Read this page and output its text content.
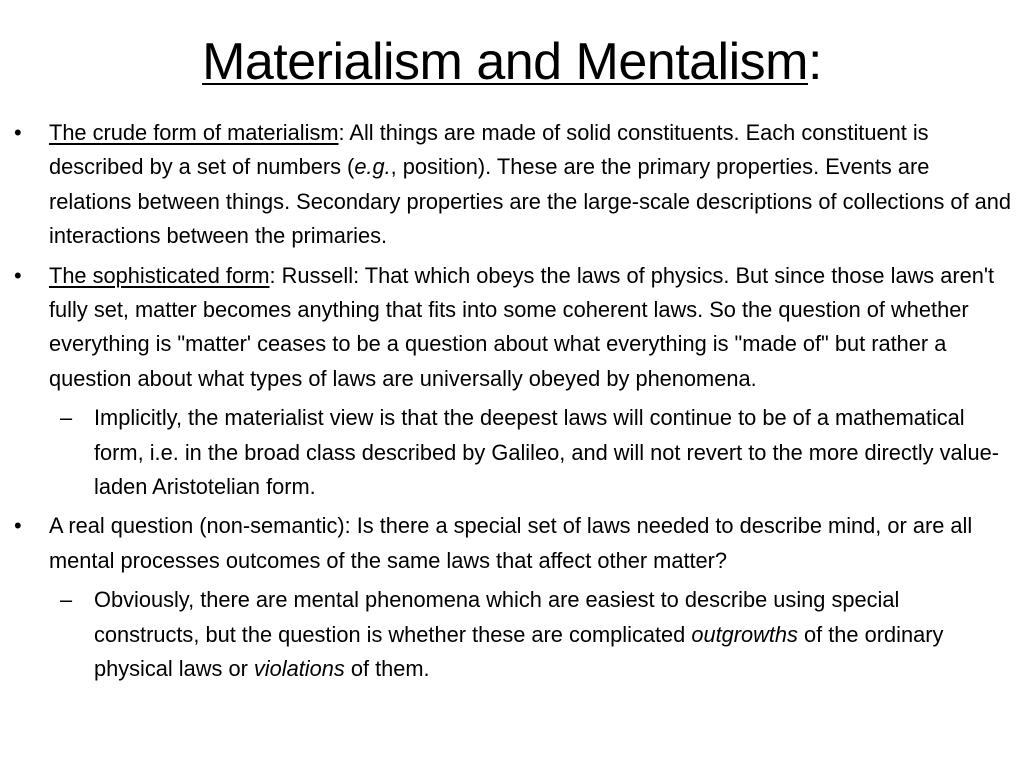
Materialism and Mentalism:
• The crude form of materialism: All things are made of solid constituents. Each constituent is described by a set of numbers (e.g., position). These are the primary properties. Events are relations between things. Secondary properties are the large-scale descriptions of collections of and interactions between the primaries.
• The sophisticated form: Russell: That which obeys the laws of physics. But since those laws aren't fully set, matter becomes anything that fits into some coherent laws. So the question of whether everything is "matter' ceases to be a question about what everything is "made of" but rather a question about what types of laws are universally obeyed by phenomena.
– Implicitly, the materialist view is that the deepest laws will continue to be of a mathematical form, i.e. in the broad class described by Galileo, and will not revert to the more directly value-laden Aristotelian form.
• A real question (non-semantic): Is there a special set of laws needed to describe mind, or are all mental processes outcomes of the same laws that affect other matter?
– Obviously, there are mental phenomena which are easiest to describe using special constructs, but the question is whether these are complicated outgrowths of the ordinary physical laws or violations of them.
